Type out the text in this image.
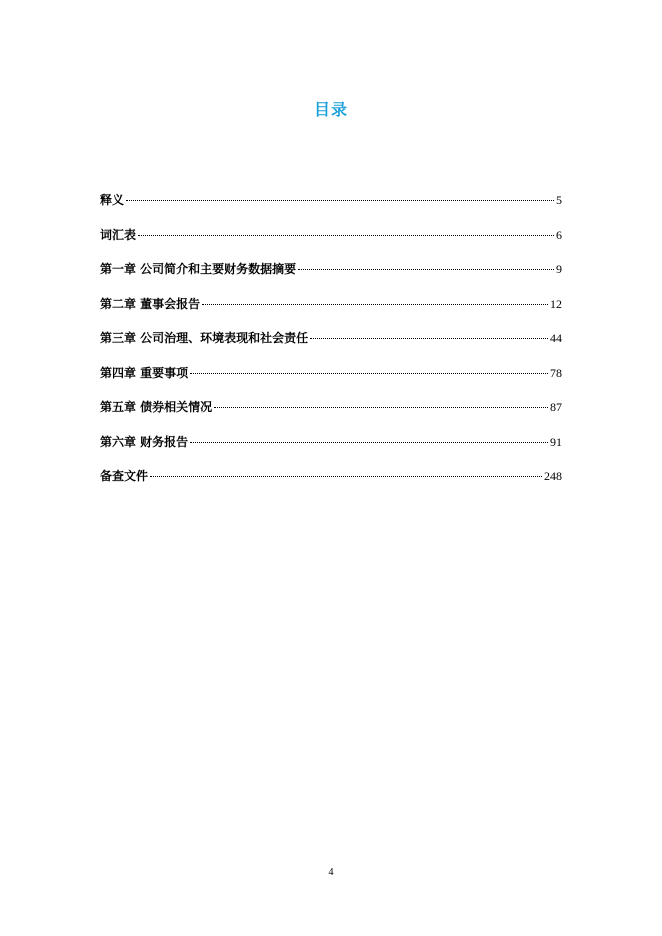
目录
释义	5
词汇表	6
第一章 公司简介和主要财务数据摘要	9
第二章 董事会报告	12
第三章 公司治理、环境表现和社会责任	44
第四章 重要事项	78
第五章 债券相关情况	87
第六章 财务报告	91
备查文件	248
4
